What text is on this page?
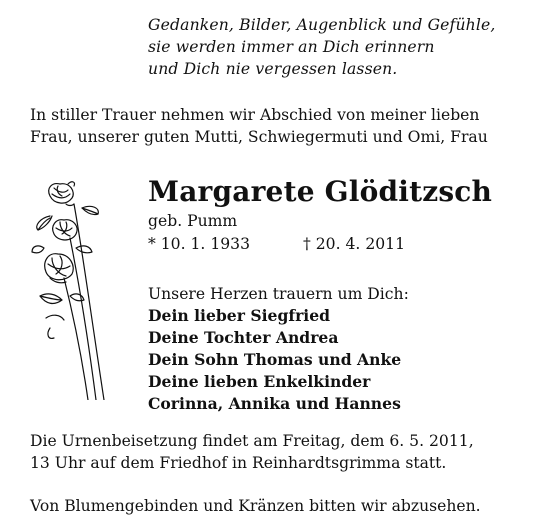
Gedanken, Bilder, Augenblick und Gefühle,
sie werden immer an Dich erinnern
und Dich nie vergessen lassen.
In stiller Trauer nehmen wir Abschied von meiner lieben
Frau, unserer guten Mutti, Schwiegermuti und Omi, Frau
Margarete Glöditzsch
geb. Pumm
* 10. 1. 1933	† 20. 4. 2011
Unsere Herzen trauern um Dich:
Dein lieber Siegfried
Deine Tochter Andrea
Dein Sohn Thomas und Anke
Deine lieben Enkelkinder
Corinna, Annika und Hannes
Die Urnenbeisetzung findet am Freitag, dem 6. 5. 2011,
13 Uhr auf dem Friedhof in Reinhardtsgrimma statt.
Von Blumengebinden und Kränzen bitten wir abzusehen.
